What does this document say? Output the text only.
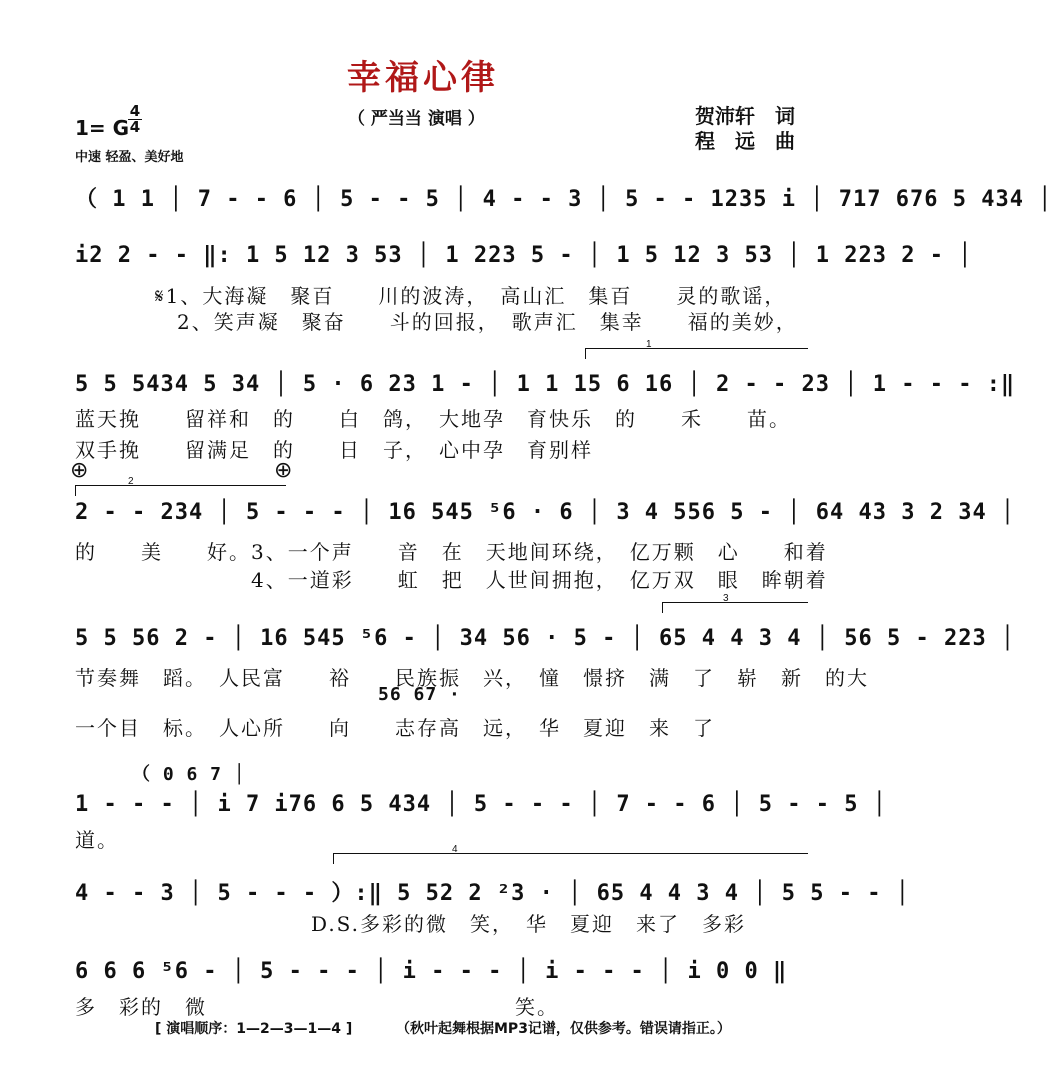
幸福心律
（ 严当当 演唱 ）	贺沛轩　词
程　远　曲
1= G
4
4
中速 轻盈、美好地
（ 1 1 │ 7 - - 6 │ 5 - - 5 │ 4 - - 3 │ 5 - - 1235 i │ 717 676 5 434 │
i2 2 - - ‖: 1 5 12 3 53 │ 1 223 5 - │ 1 5 12 3 53 │ 1 223 2 - │
𝄋1、大海凝　聚百　　川的波涛，　高山汇　集百　　灵的歌谣，
　2、笑声凝　聚奋　　斗的回报，　歌声汇　集幸　　福的美妙，
1
5 5 5434 5 34 │ 5 · 6 23 1 - │ 1 1 15 6 16 │ 2 - - 23 │ 1 - - - :‖
蓝天挽　　留祥和　的　　白　鸽，　大地孕　育快乐　的　　禾　　苗。
双手挽　　留满足　的　　日　子，　心中孕　育别样
⊕	⊕
2
2 - - 234 │ 5 - - - │ 16 545 ⁵6 · 6 │ 3 4 556 5 - │ 64 43 3 2 34 │
的　　美　　好。3、一个声　　音　在　天地间环绕，　亿万颗　心　　和着
　　　　　　　　4、一道彩　　虹　把　人世间拥抱，　亿万双　眼　眸朝着
3
5 5 56 2 - │ 16 545 ⁵6 - │ 34 56 · 5 - │ 65 4 4 3 4 │ 56 5 - 223 │
节奏舞　蹈。　人民富　　裕　　民族振　兴，　憧　憬挤　满　了　崭　新　的大
56 67 ·
一个目　标。　人心所　　向　　志存高　远，　华　夏迎　来　了
（ 0 6 7 │
1 - - - │ i 7 i76 6 5 434 │ 5 - - - │ 7 - - 6 │ 5 - - 5 │
道。	4
4 - - 3 │ 5 - - - ）:‖ 5 52 2 ²3 · │ 65 4 4 3 4 │ 5 5 - - │
D.S.多彩的微　笑，　华　夏迎　来了　多彩
6 6 6 ⁵6 - │ 5 - - - │ i - - - │ i - - - │ i 0 0 ‖
多　彩的　微　　　　　　　　　　　　　　笑。
[ 演唱顺序：1—2—3—1—4 ]	（秋叶起舞根据MP3记谱，仅供参考。错误请指正。）
